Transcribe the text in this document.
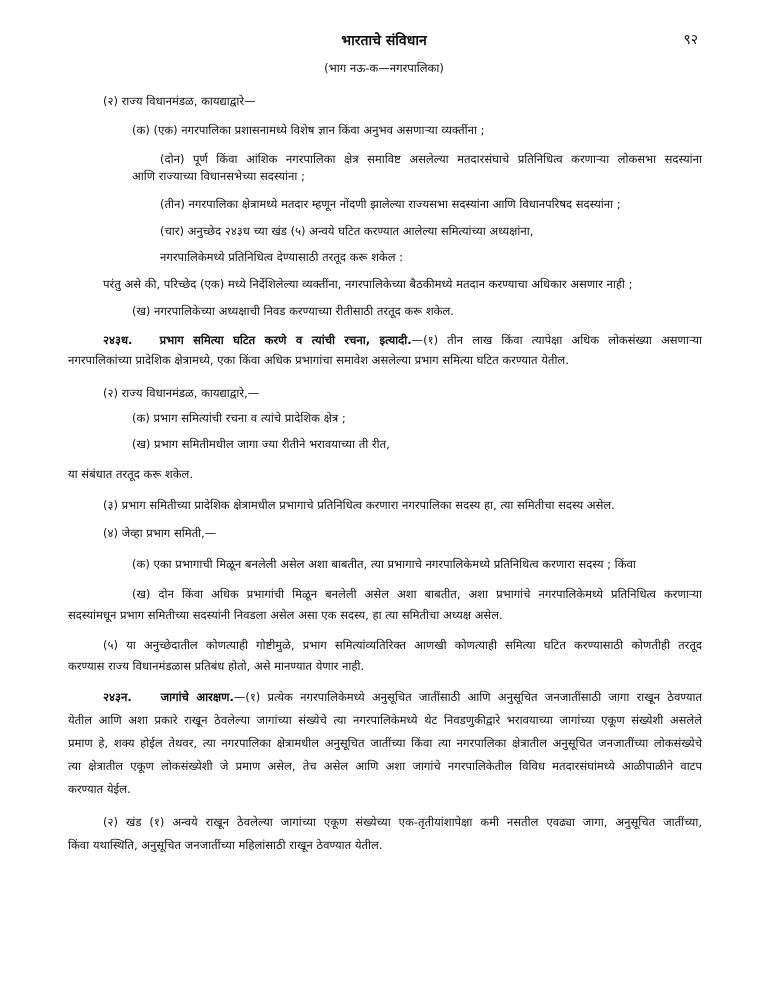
भारताचे संविधान	९२
(भाग नऊ-क—नगरपालिका)
(२) राज्य विधानमंडळ, कायद्याद्वारे—
(क) (एक) नगरपालिका प्रशासनामध्ये विशेष ज्ञान किंवा अनुभव असणाऱ्या व्यक्तींना ;
(दोन) पूर्ण किंवा आंशिक नगरपालिका क्षेत्र समाविष्ट असलेल्या मतदारसंघाचे प्रतिनिधित्व करणाऱ्या लोकसभा सदस्यांना
आणि राज्याच्या विधानसभेच्या सदस्यांना ;
(तीन) नगरपालिका क्षेत्रामध्ये मतदार म्हणून नोंदणी झालेल्या राज्यसभा सदस्यांना आणि विधानपरिषद सदस्यांना ;
(चार) अनुच्छेद २४३ध च्या खंड (५) अन्वये घटित करण्यात आलेल्या समित्यांच्या अध्यक्षांना,
नगरपालिकेमध्ये प्रतिनिधित्व देण्यासाठी तरतूद करू शकेल :
परंतु असे की, परिच्छेद (एक) मध्ये निर्देशिलेल्या व्यक्तींना, नगरपालिकेच्या बैठकीमध्ये मतदान करण्याचा अधिकार असणार नाही ;
(ख) नगरपालिकेच्या अध्यक्षाची निवड करण्याच्या रीतीसाठी तरतूद करू शकेल.
२४३ध. प्रभाग समित्या घटित करणे व त्यांची रचना, इत्यादी.—(१) तीन लाख किंवा त्यापेक्षा अधिक लोकसंख्या असणाऱ्या
नगरपालिकांच्या प्रादेशिक क्षेत्रामध्ये, एका किंवा अधिक प्रभागांचा समावेश असलेल्या प्रभाग समित्या घटित करण्यात येतील.
(२) राज्य विधानमंडळ, कायद्याद्वारे,—
(क) प्रभाग समित्यांची रचना व त्यांचे प्रादेशिक क्षेत्र ;
(ख) प्रभाग समितीमधील जागा ज्या रीतीने भरावयाच्या ती रीत,
या संबंधात तरतूद करू शकेल.
(३) प्रभाग समितीच्या प्रादेशिक क्षेत्रामधील प्रभागाचे प्रतिनिधित्व करणारा नगरपालिका सदस्य हा, त्या समितीचा सदस्य असेल.
(४) जेव्हा प्रभाग समिती,—
(क) एका प्रभागाची मिळून बनलेली असेल अशा बाबतीत, त्या प्रभागाचे नगरपालिकेमध्ये प्रतिनिधित्व करणारा सदस्य ; किंवा
(ख) दोन किंवा अधिक प्रभागांची मिळून बनलेली असेल अशा बाबतीत, अशा प्रभागांचे नगरपालिकेमध्ये प्रतिनिधित्व करणाऱ्या
सदस्यांमधून प्रभाग समितीच्या सदस्यांनी निवडला असेल असा एक सदस्य, हा त्या समितीचा अध्यक्ष असेल.
(५) या अनुच्छेदातील कोणत्याही गोष्टीमुळे, प्रभाग समित्यांव्यतिरिक्त आणखी कोणत्याही समित्या घटित करण्यासाठी कोणतीही तरतूद
करण्यास राज्य विधानमंडळास प्रतिबंध होतो, असे मानण्यात येणार नाही.
२४३न.	जागांचे आरक्षण.—(१) प्रत्येक नगरपालिकेमध्ये अनुसूचित जातींसाठी आणि अनुसूचित जनजातींसाठी जागा राखून ठेवण्यात
येतील आणि अशा प्रकारे राखून ठेवलेल्या जागांच्या संख्येचे त्या नगरपालिकेमध्ये थेट निवडणुकीद्वारे भरावयाच्या जागांच्या एकूण संख्येशी असलेले
प्रमाण हे, शक्य होईल तेथवर, त्या नगरपालिका क्षेत्रामधील अनुसूचित जातींच्या किंवा त्या नगरपालिका क्षेत्रातील अनुसूचित जनजातींच्या लोकसंख्येचे
त्या क्षेत्रातील एकूण लोकसंख्येशी जे प्रमाण असेल, तेच असेल आणि अशा जागांचे नगरपालिकेतील विविध मतदारसंघांमध्ये आळीपाळीने वाटप
करण्यात येईल.
(२) खंड (१) अन्वये राखून ठेवलेल्या जागांच्या एकूण संख्येच्या एक-तृतीयांशापेक्षा कमी नसतील एवढ्या जागा, अनुसूचित जातींच्या,
किंवा यथास्थिति, अनुसूचित जनजातींच्या महिलांसाठी राखून ठेवण्यात येतील.
